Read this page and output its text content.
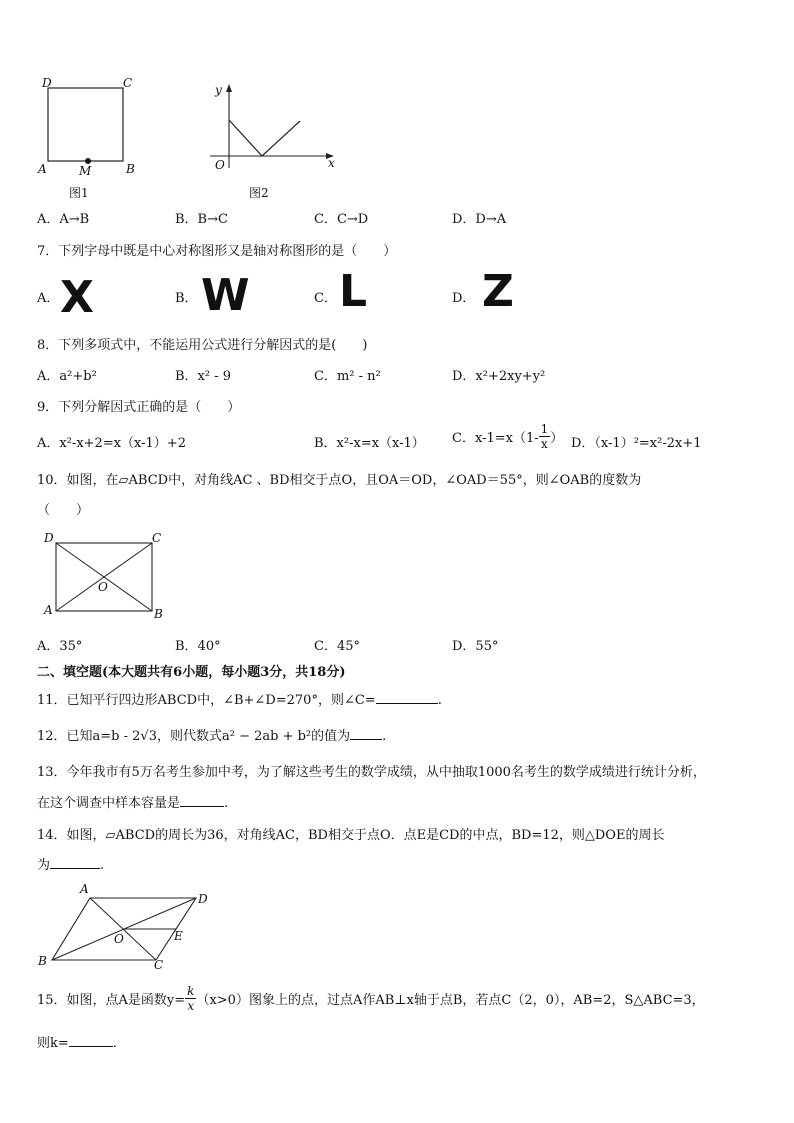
D	C
A	B
M
图1
y
x
O
图2
A．A→B	B．B→C	C．C→D	D．D→A
7．下列字母中既是中心对称图形又是轴对称图形的是（　　）
A． X	B． W	C． L	D． Z
8．下列多项式中，不能运用公式进行分解因式的是(　　)
A．a²+b²	B．x² - 9	C．m² - n²	D．x²+2xy+y²
9．下列分解因式正确的是（　　）
A．x²-x+2=x（x-1）+2	B．x²-x=x（x-1） C．$x-1=x(1- \frac{1}{x}$ ） D．（x-1）²=x²-2x+1
10．如图，在▱ABCD中，对角线AC 、BD相交于点O，且OA＝OD，∠OAD＝55°，则∠OAB的度数为
（　　）
D	C
A	B
O
A．35°	B．40°	C．45°	D．55°
二、填空题(本大题共有6小题，每小题3分，共18分)
11．已知平行四边形ABCD中，∠B+∠D=270°，则∠C=	.
12．已知a=b - 2√3，则代数式a² − 2ab + b²的值为 .
13．今年我市有5万名考生参加中考，为了解这些考生的数学成绩，从中抽取1000名考生的数学成绩进行统计分析，
在这个调查中样本容量是	.
14．如图，▱ABCD的周长为36，对角线AC，BD相交于点O．点E是CD的中点，BD=12，则△DOE的周长
为	.
A
D
B	C
O	E
15．如图，点A是函数$y= \frac{k}{x} (x>0)$图象上的点，过点A作AB⊥x轴于点B，若点C（2，0），AB=2，S△ABC=3，
则k=	.
